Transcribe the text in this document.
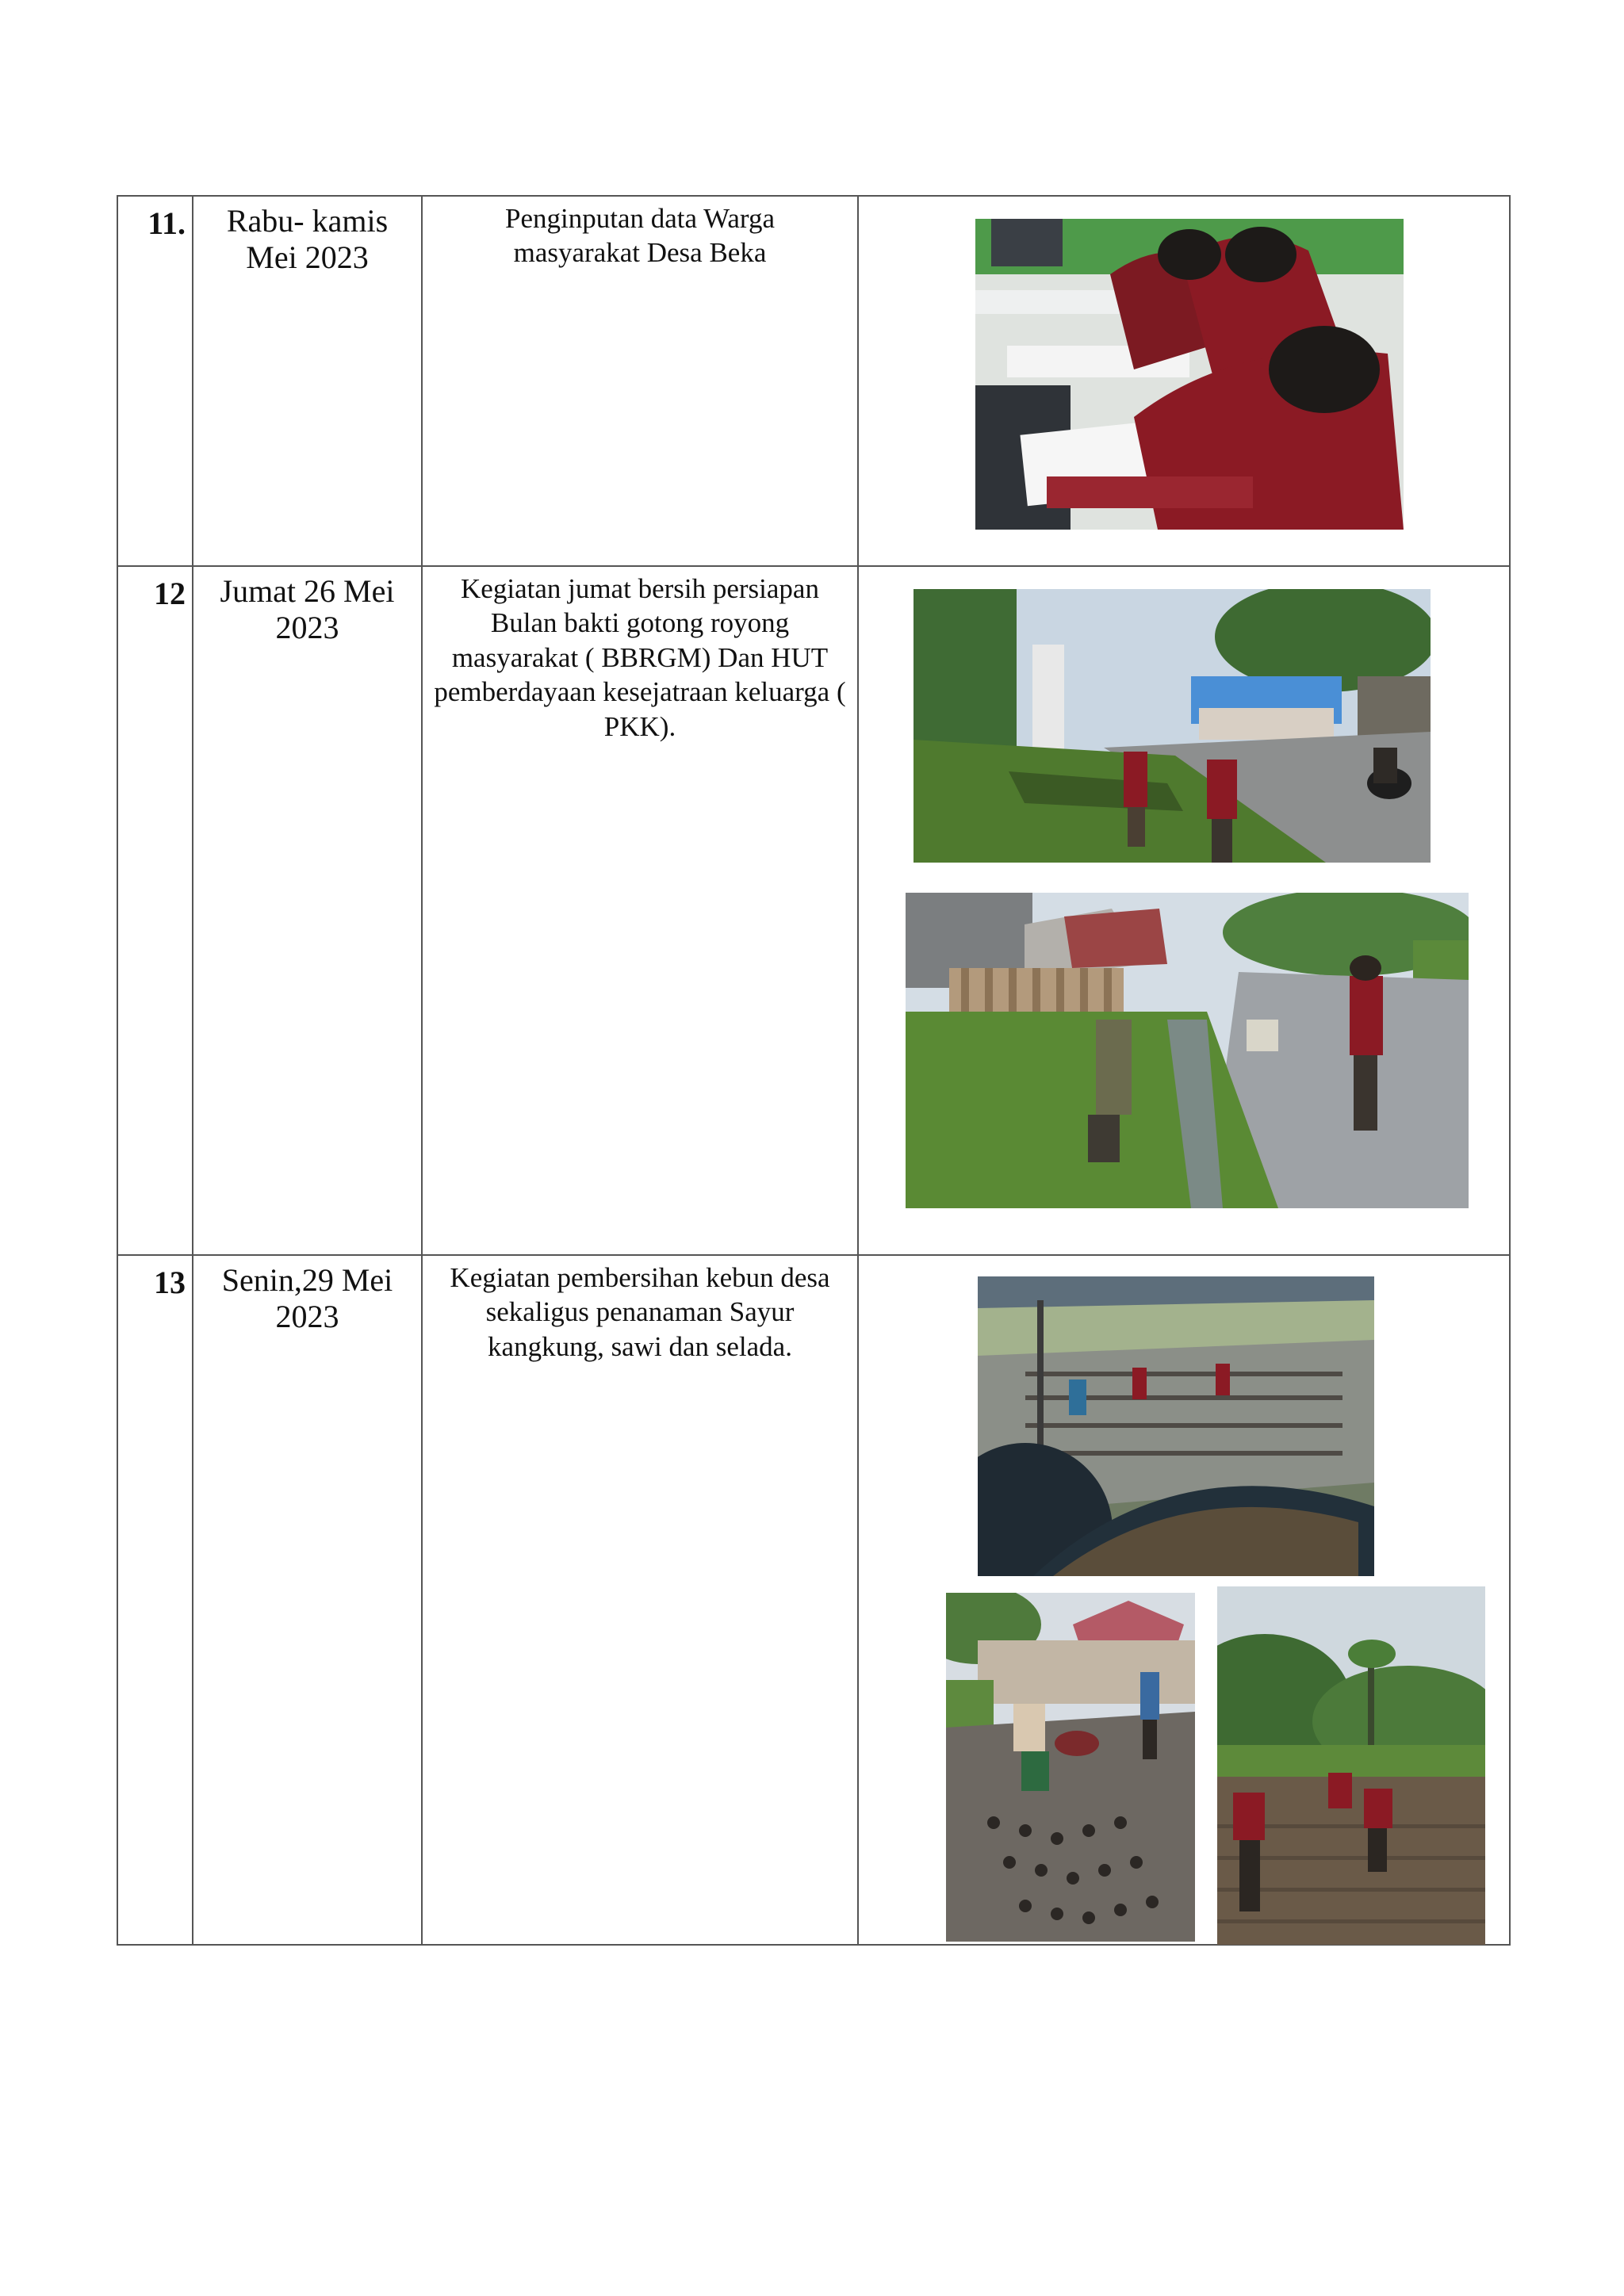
11.	Rabu- kamis Mei 2023	Penginputan data Warga masyarakat Desa Beka

12	Jumat 26 Mei 2023	Kegiatan jumat bersih persiapan Bulan bakti gotong royong masyarakat ( BBRGM) Dan HUT pemberdayaan kesejatraan keluarga ( PKK).

13	Senin,29 Mei 2023	Kegiatan pembersihan kebun desa sekaligus penanaman Sayur kangkung, sawi dan selada.
